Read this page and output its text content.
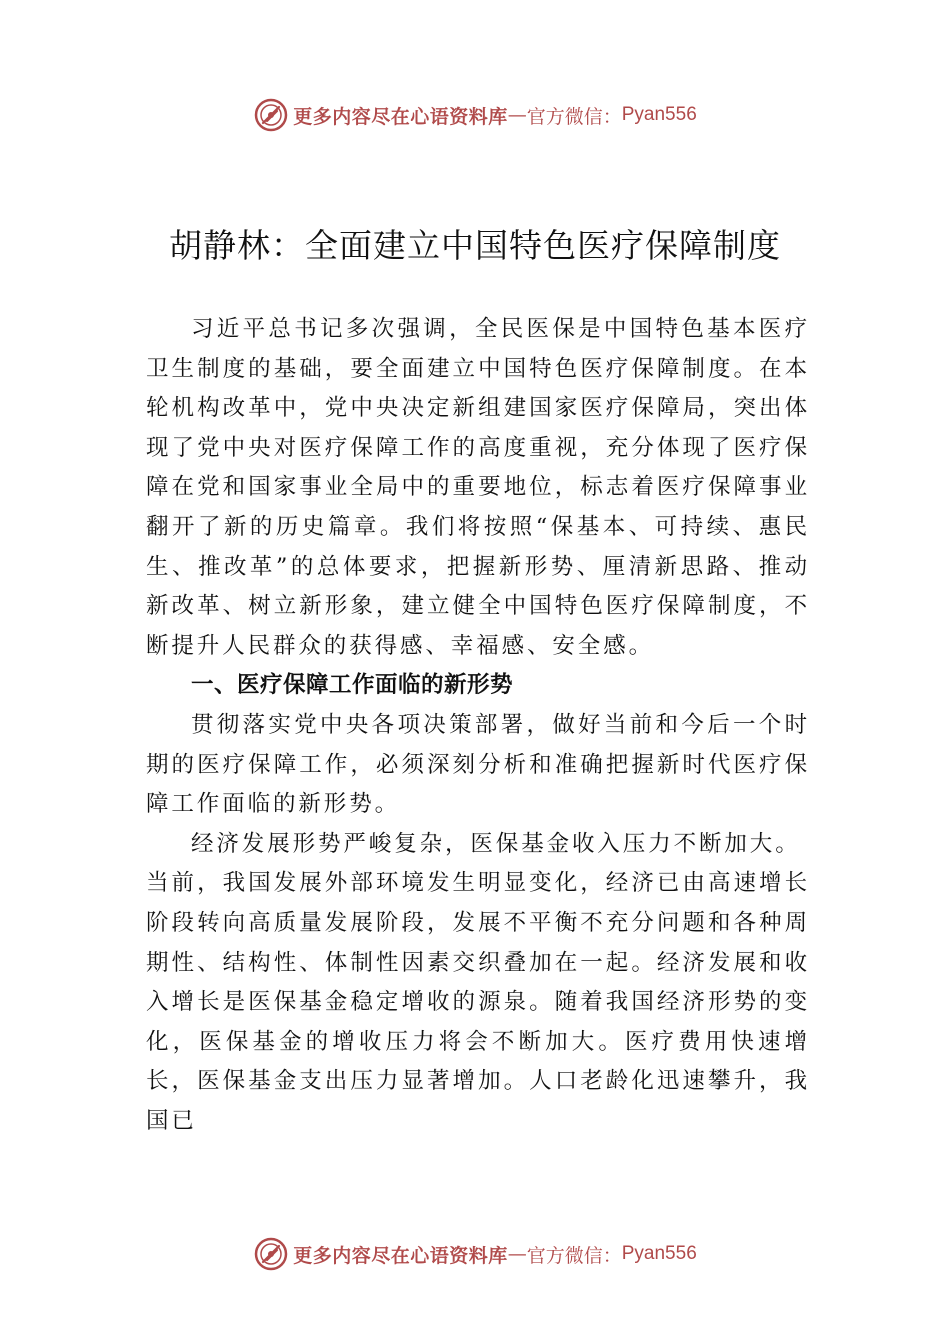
更多内容尽在心语资料库 — 官方微信： Pyan556
胡静林：全面建立中国特色医疗保障制度

习近平总书记多次强调，全民医保是中国特色基本医疗卫生制度的基础，要全面建立中国特色医疗保障制度。在本轮机构改革中，党中央决定新组建国家医疗保障局，突出体现了党中央对医疗保障工作的高度重视，充分体现了医疗保障在党和国家事业全局中的重要地位，标志着医疗保障事业翻开了新的历史篇章。我们将按照“保基本、可持续、惠民 生、推改革”的总体要求，把握新形势、厘清新思路、推动新改革、树立新形象，建立健全中国特色医疗保障制度，不断提升人民群众的获得感、幸福感、安全感。

一、医疗保障工作面临的新形势

贯彻落实党中央各项决策部署，做好当前和今后一个时期的医疗保障工作，必须深刻分析和准确把握新时代医疗保障工作面临的新形势。

经济发展形势严峻复杂，医保基金收入压力不断加大。

当前，我国发展外部环境发生明显变化，经济已由高速增长阶段转向高质量发展阶段，发展不平衡不充分问题和各种周期性、结构性、体制性因素交织叠加在一起。经济发展和收入增长是医保基金稳定增收的源泉。随着我国经济形势的变化，医保基金的增收压力将会不断加大。医疗费用快速增长，医保基金支出压力显著增加。人口老龄化迅速攀升，我国已

更多内容尽在心语资料库 — 官方微信： Pyan556
